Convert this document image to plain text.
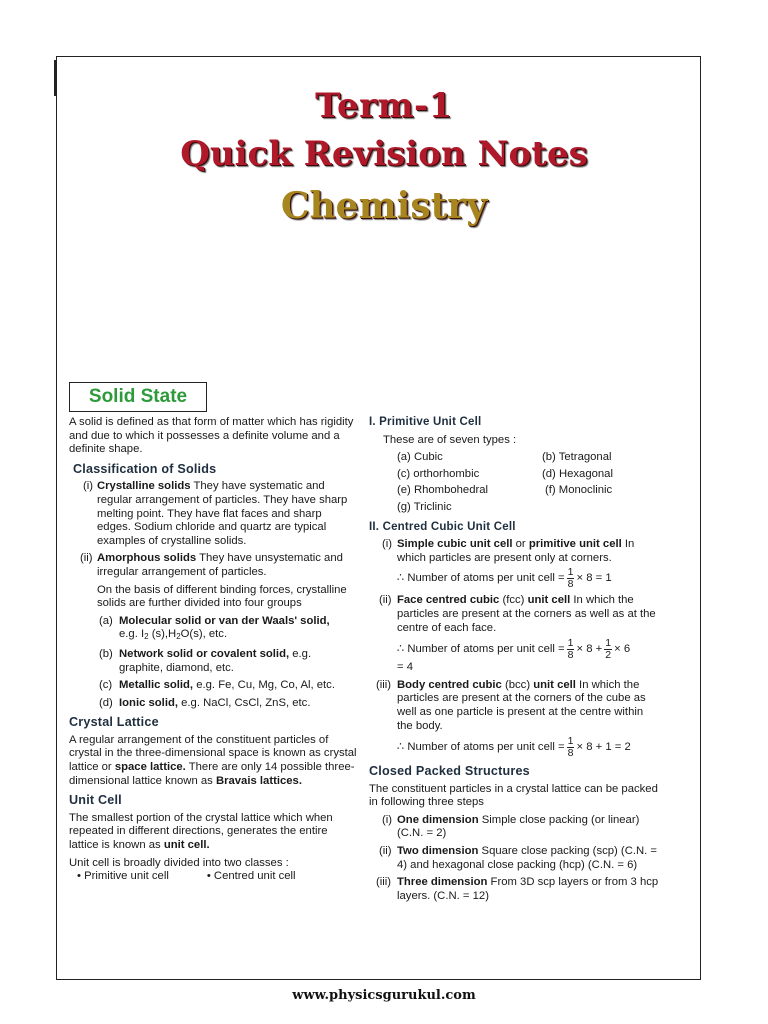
Term-1
Quick Revision Notes
Chemistry
Solid State

A solid is defined as that form of matter which has rigidity and due to which it possesses a definite volume and a definite shape.

Classification of Solids

(i) Crystalline solids They have systematic and regular arrangement of particles. They have sharp melting point. They have flat faces and sharp edges. Sodium chloride and quartz are typical examples of crystalline solids.
(ii) Amorphous solids They have unsystematic and irregular arrangement of particles.

On the basis of different binding forces, crystalline solids are further divided into four groups

(a) Molecular solid or van der Waals' solid,
e.g. $I_2$ $(s),H_2O(s)$, etc.
(b) Network solid or covalent solid, e.g. graphite, diamond, etc.
(c) Metallic solid, e.g. Fe, Cu, Mg, Co, Al, etc.
(d) Ionic solid, e.g. NaCl, CsCl, ZnS, etc.

Crystal Lattice

A regular arrangement of the constituent particles of crystal in the three-dimensional space is known as crystal lattice or space lattice. There are only 14 possible three-dimensional lattice known as Bravais lattices.

Unit Cell

The smallest portion of the crystal lattice which when repeated in different directions, generates the entire lattice is known as unit cell.

Unit cell is broadly divided into two classes :

• Primitive unit cell	• Centred unit cell

I. Primitive Unit Cell

These are of seven types :

(a) Cubic	(b) Tetragonal
(c) orthorhombic	(d) Hexagonal
(e) Rhombohedral	(f) Monoclinic
(g) Triclinic

II. Centred Cubic Unit Cell

(i) Simple cubic unit cell or primitive unit cell In which particles are present only at corners.
∴ Number of atoms per unit cell = $\frac{1}{8} \times 8 = 1$
(ii) Face centred cubic (fcc) unit cell In which the particles are present at the corners as well as at the centre of each face.
∴ Number of atoms per unit cell = $\frac{1}{8} \times 8 + \frac{1}{2} \times 6$

= 4

(iii) Body centred cubic (bcc) unit cell In which the particles are present at the corners of the cube as well as one particle is present at the centre within the body.
∴ Number of atoms per unit cell = $\frac{1}{8} \times 8 + 1 = 2$

Closed Packed Structures

The constituent particles in a crystal lattice can be packed in following three steps

(i) One dimension Simple close packing (or linear) (C.N. = 2)
(ii) Two dimension Square close packing (scp) (C.N. = 4) and hexagonal close packing (hcp) (C.N. = 6)
(iii) Three dimension From 3D scp layers or from 3 hcp layers. (C.N. = 12)
www.physicsgurukul.com
